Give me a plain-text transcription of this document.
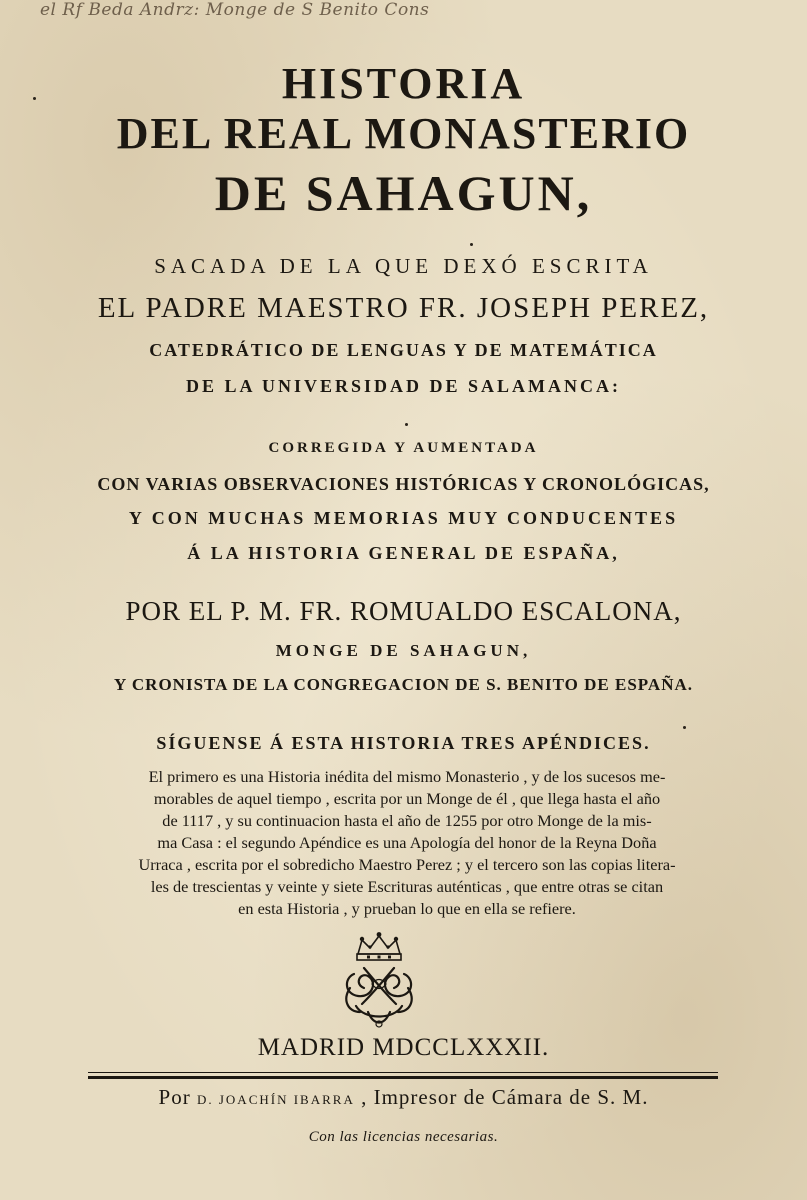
el Rf Beda Andrz: Monge de S Benito Cons
HISTORIA
DEL REAL MONASTERIO
DE SAHAGUN,
SACADA DE LA QUE DEXÓ ESCRITA
EL PADRE MAESTRO FR. JOSEPH PEREZ,
CATEDRÁTICO DE LENGUAS Y DE MATEMÁTICA
DE LA UNIVERSIDAD DE SALAMANCA:
CORREGIDA Y AUMENTADA
CON VARIAS OBSERVACIONES HISTÓRICAS Y CRONOLÓGICAS,
Y CON MUCHAS MEMORIAS MUY CONDUCENTES
Á LA HISTORIA GENERAL DE ESPAÑA,
POR EL P. M. FR. ROMUALDO ESCALONA,
MONGE DE SAHAGUN,
Y CRONISTA DE LA CONGREGACION DE S. BENITO DE ESPAÑA.
SÍGUENSE Á ESTA HISTORIA TRES APÉNDICES.
El primero es una Historia inédita del mismo Monasterio , y de los sucesos me-
morables de aquel tiempo , escrita por un Monge de él , que llega hasta el año
de 1117 , y su continuacion hasta el año de 1255 por otro Monge de la mis-
ma Casa : el segundo Apéndice es una Apología del honor de la Reyna Doña
Urraca , escrita por el sobredicho Maestro Perez ; y el tercero son las copias litera-
les de trescientas y veinte y siete Escrituras auténticas , que entre otras se citan
en esta Historia , y prueban lo que en ella se refiere.
MADRID MDCCLXXXII.
Por D. JOACHÍN IBARRA , Impresor de Cámara de S. M.
Con las licencias necesarias.
